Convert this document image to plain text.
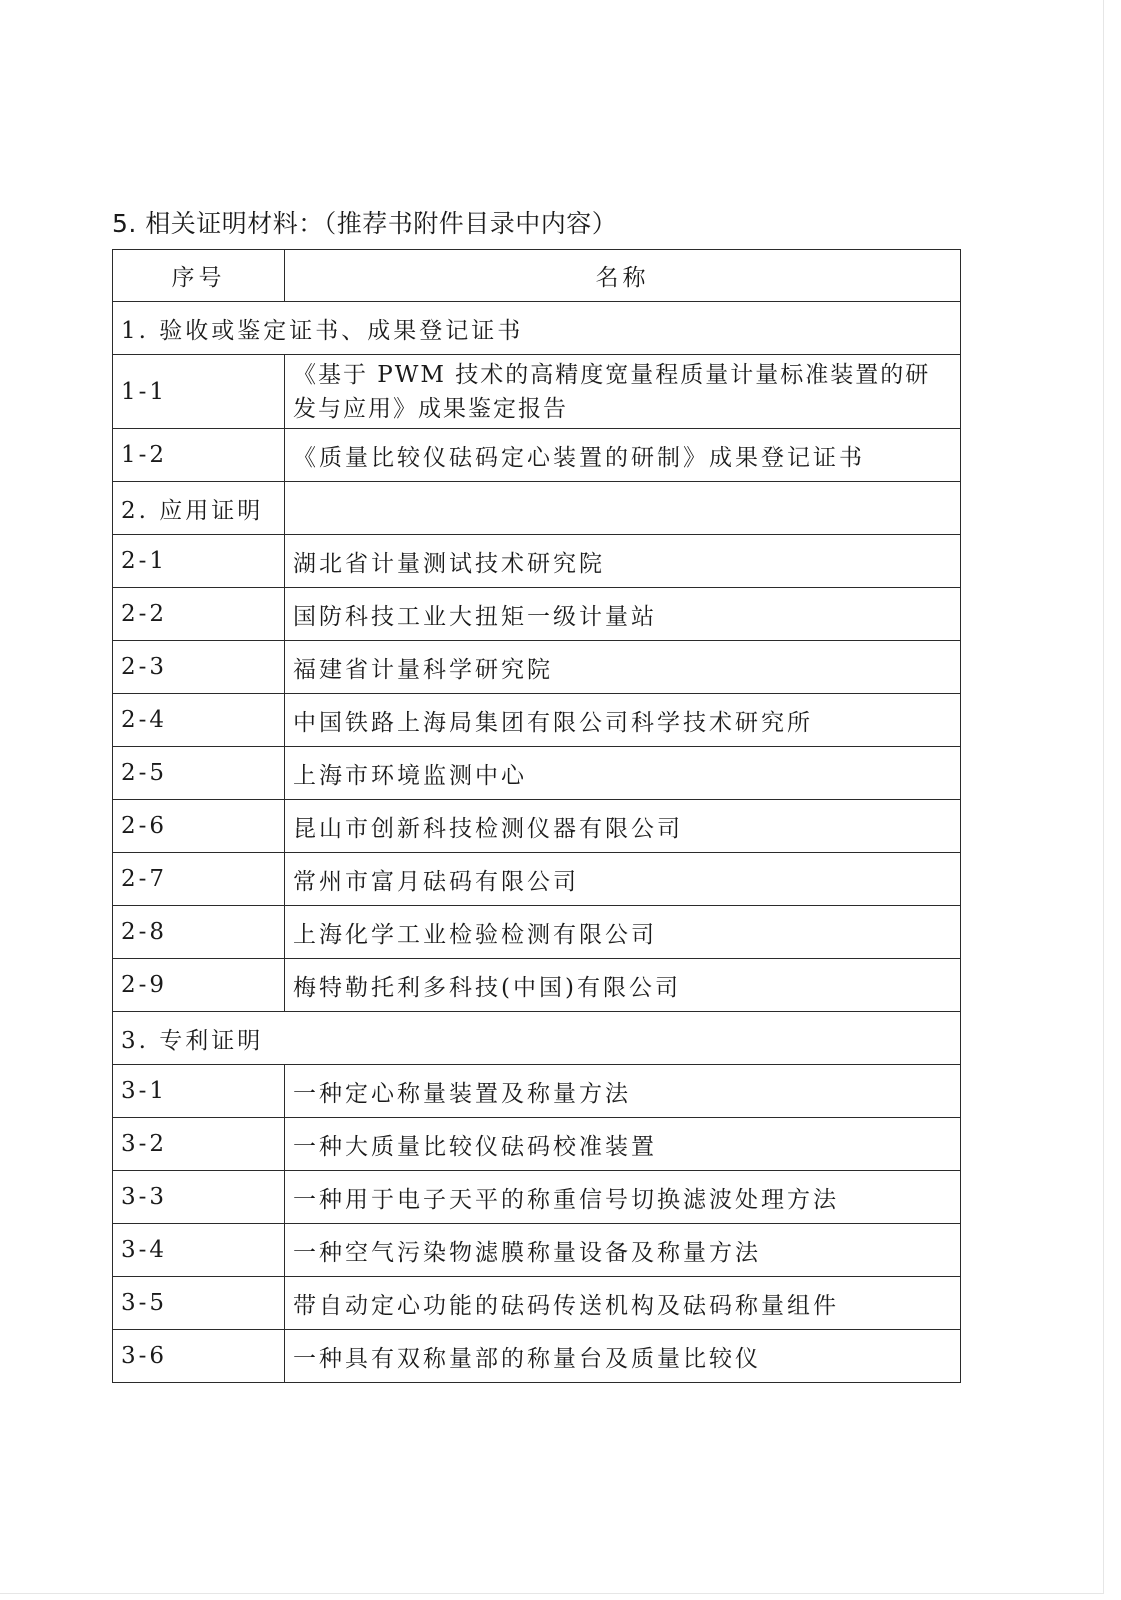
5. 相关证明材料：（推荐书附件目录中内容）
序号	名称
1. 验收或鉴定证书、成果登记证书	
1-1	《基于 PWM 技术的高精度宽量程质量计量标准装置的研发与应用》成果鉴定报告
1-2	《质量比较仪砝码定心装置的研制》成果登记证书
2. 应用证明	
2-1	湖北省计量测试技术研究院
2-2	国防科技工业大扭矩一级计量站
2-3	福建省计量科学研究院
2-4	中国铁路上海局集团有限公司科学技术研究所
2-5	上海市环境监测中心
2-6	昆山市创新科技检测仪器有限公司
2-7	常州市富月砝码有限公司
2-8	上海化学工业检验检测有限公司
2-9	梅特勒托利多科技(中国)有限公司
3. 专利证明	
3-1	一种定心称量装置及称量方法
3-2	一种大质量比较仪砝码校准装置
3-3	一种用于电子天平的称重信号切换滤波处理方法
3-4	一种空气污染物滤膜称量设备及称量方法
3-5	带自动定心功能的砝码传送机构及砝码称量组件
3-6	一种具有双称量部的称量台及质量比较仪
